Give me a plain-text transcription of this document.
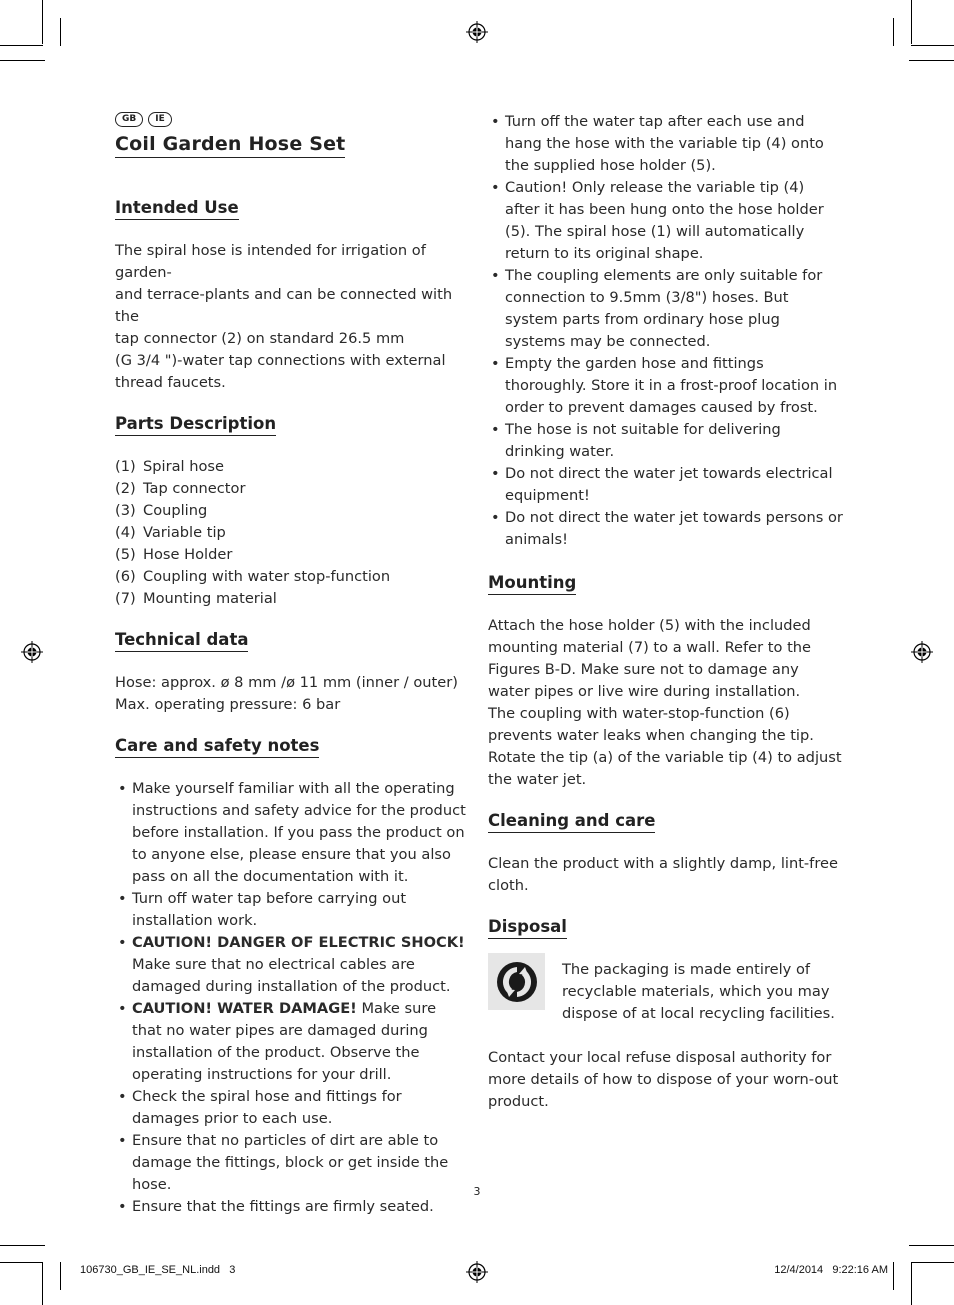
GB	IE
Coil Garden Hose Set
Intended Use
The spiral hose is intended for irrigation of garden-
and terrace-plants and can be connected with the
tap connector (2) on standard 26.5 mm
(G 3/4 ")-water tap connections with external
thread faucets.
Parts Description
(1) Spiral hose
(2) Tap connector
(3) Coupling
(4) Variable tip
(5) Hose Holder
(6) Coupling with water stop-function
(7) Mounting material
Technical data
Hose: approx. ø 8 mm /ø 11 mm (inner / outer)
Max. operating pressure: 6 bar
Care and safety notes
• Make yourself familiar with all the operating instructions and safety advice for the product before installation. If you pass the product on to anyone else, please ensure that you also pass on all the documentation with it.
• Turn off water tap before carrying out installation work.
• CAUTION! DANGER OF ELECTRIC SHOCK! Make sure that no electrical cables are damaged during installation of the product.
• CAUTION! WATER DAMAGE! Make sure that no water pipes are damaged during installation of the product. Observe the operating instructions for your drill.
• Check the spiral hose and fittings for damages prior to each use.
• Ensure that no particles of dirt are able to damage the fittings, block or get inside the hose.
• Ensure that the fittings are firmly seated.
• Turn off the water tap after each use and hang the hose with the variable tip (4) onto the supplied hose holder (5).
• Caution! Only release the variable tip (4) after it has been hung onto the hose holder (5). The spiral hose (1) will automatically return to its original shape.
• The coupling elements are only suitable for connection to 9.5mm (3/8") hoses. But system parts from ordinary hose plug systems may be connected.
• Empty the garden hose and fittings thoroughly. Store it in a frost-proof location in order to prevent damages caused by frost.
• The hose is not suitable for delivering drinking water.
• Do not direct the water jet towards electrical equipment!
• Do not direct the water jet towards persons or animals!
Mounting

Attach the hose holder (5) with the included mounting material (7) to a wall. Refer to the Figures B-D. Make sure not to damage any water pipes or live wire during installation.

The coupling with water-stop-function (6) prevents water leaks when changing the tip. Rotate the tip (a) of the variable tip (4) to adjust the water jet.

Cleaning and care

Clean the product with a slightly damp, lint-free cloth.

Disposal

The packaging is made entirely of recyclable materials, which you may dispose of at local recycling facilities.

Contact your local refuse disposal authority for more details of how to dispose of your worn-out product.

3
106730_GB_IE_SE_NL.indd   3	12/4/2014   9:22:16 AM
